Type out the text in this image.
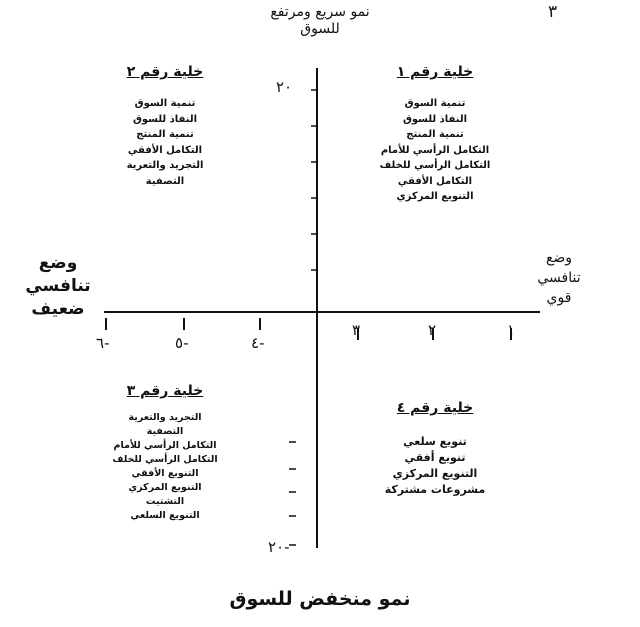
٣
نمو سريع ومرتفع
للسوق
نمو منخفض للسوق
وضع
تنافسي
ضعيف
وضع
تنافسي
قوي
٢٠
٢٠-
٦-	٥-	٤-
٣	٢	١
خلية رقم ١
تنمية السوق
النفاذ للسوق
تنمية المنتج
التكامل الرأسي للأمام
التكامل الرأسي للخلف
التكامل الأفقي
التنويع المركزي
خلية رقم ٢
تنمية السوق
النفاذ للسوق
تنمية المنتج
التكامل الأفقي
التجريد والتعرية
التصفية
خلية رقم ٣
التجريد والتعرية
التصفية
التكامل الرأسي للأمام
التكامل الرأسي للخلف
التنويع الأفقي
التنويع المركزي
التشتيت
التنويع السلعي
خلية رقم ٤
تنويع سلعي
تنويع أفقي
التنويع المركزي
مشروعات مشتركة
